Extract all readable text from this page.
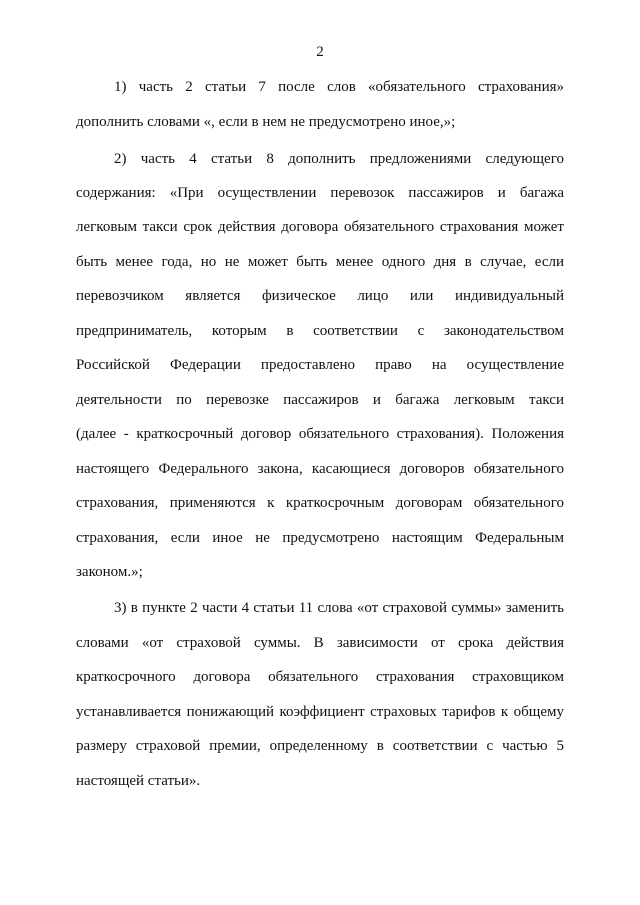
2
1) часть 2 статьи 7 после слов «обязательного страхования»
дополнить словами «, если в нем не предусмотрено иное,»;
2) часть 4 статьи 8 дополнить предложениями следующего
содержания: «При осуществлении перевозок пассажиров и багажа
легковым такси срок действия договора обязательного страхования может
быть менее года, но не может быть менее одного дня в случае, если
перевозчиком является физическое лицо или индивидуальный
предприниматель, которым в соответствии с законодательством
Российской Федерации предоставлено право на осуществление
деятельности по перевозке пассажиров и багажа легковым такси
(далее - краткосрочный договор обязательного страхования). Положения
настоящего Федерального закона, касающиеся договоров обязательного
страхования, применяются к краткосрочным договорам обязательного
страхования, если иное не предусмотрено настоящим Федеральным
законом.»;
3) в пункте 2 части 4 статьи 11 слова «от страховой суммы» заменить
словами «от страховой суммы. В зависимости от срока действия
краткосрочного договора обязательного страхования страховщиком
устанавливается понижающий коэффициент страховых тарифов к общему
размеру страховой премии, определенному в соответствии с частью 5
настоящей статьи».
